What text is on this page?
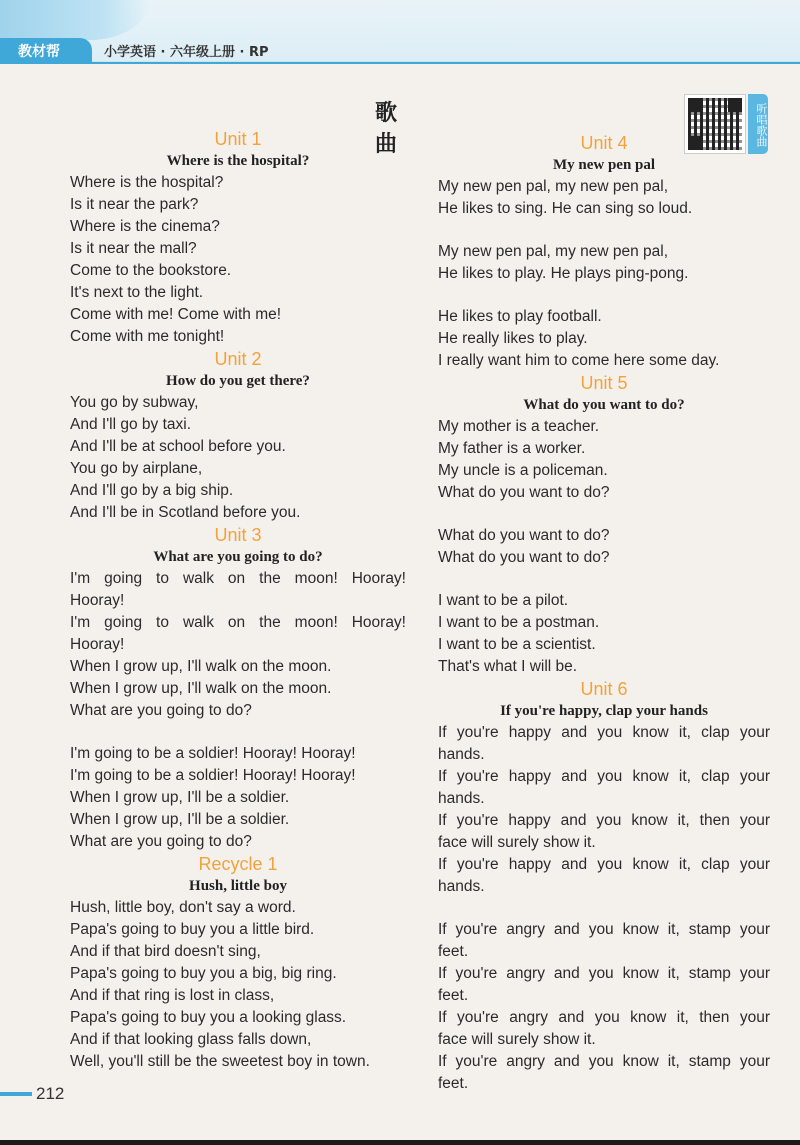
教材帮	小学英语 · 六年级上册 · RP
歌 曲	听唱歌曲
Unit 1
Where is the hospital?
Where is the hospital?
Is it near the park?
Where is the cinema?
Is it near the mall?
Come to the bookstore.
It's next to the light.
Come with me! Come with me!
Come with me tonight!
Unit 2
How do you get there?
You go by subway,
And I'll go by taxi.
And I'll be at school before you.
You go by airplane,
And I'll go by a big ship.
And I'll be in Scotland before you.
Unit 3
What are you going to do?
I'm going to walk on the moon! Hooray!
Hooray!
I'm going to walk on the moon! Hooray!
Hooray!
When I grow up, I'll walk on the moon.
When I grow up, I'll walk on the moon.
What are you going to do?
I'm going to be a soldier! Hooray! Hooray!
I'm going to be a soldier! Hooray! Hooray!
When I grow up, I'll be a soldier.
When I grow up, I'll be a soldier.
What are you going to do?
Recycle 1
Hush, little boy
Hush, little boy, don't say a word.
Papa's going to buy you a little bird.
And if that bird doesn't sing,
Papa's going to buy you a big, big ring.
And if that ring is lost in class,
Papa's going to buy you a looking glass.
And if that looking glass falls down,
Well, you'll still be the sweetest boy in town.
Unit 4
My new pen pal
My new pen pal, my new pen pal,
He likes to sing. He can sing so loud.
My new pen pal, my new pen pal,
He likes to play. He plays ping-pong.
He likes to play football.
He really likes to play.
I really want him to come here some day.
Unit 5
What do you want to do?
My mother is a teacher.
My father is a worker.
My uncle is a policeman.
What do you want to do?
What do you want to do?
What do you want to do?
I want to be a pilot.
I want to be a postman.
I want to be a scientist.
That's what I will be.
Unit 6
If you're happy, clap your hands
If you're happy and you know it, clap your
hands.
If you're happy and you know it, clap your
hands.
If you're happy and you know it, then your
face will surely show it.
If you're happy and you know it, clap your
hands.
If you're angry and you know it, stamp your
feet.
If you're angry and you know it, stamp your
feet.
If you're angry and you know it, then your
face will surely show it.
If you're angry and you know it, stamp your
feet.
212
